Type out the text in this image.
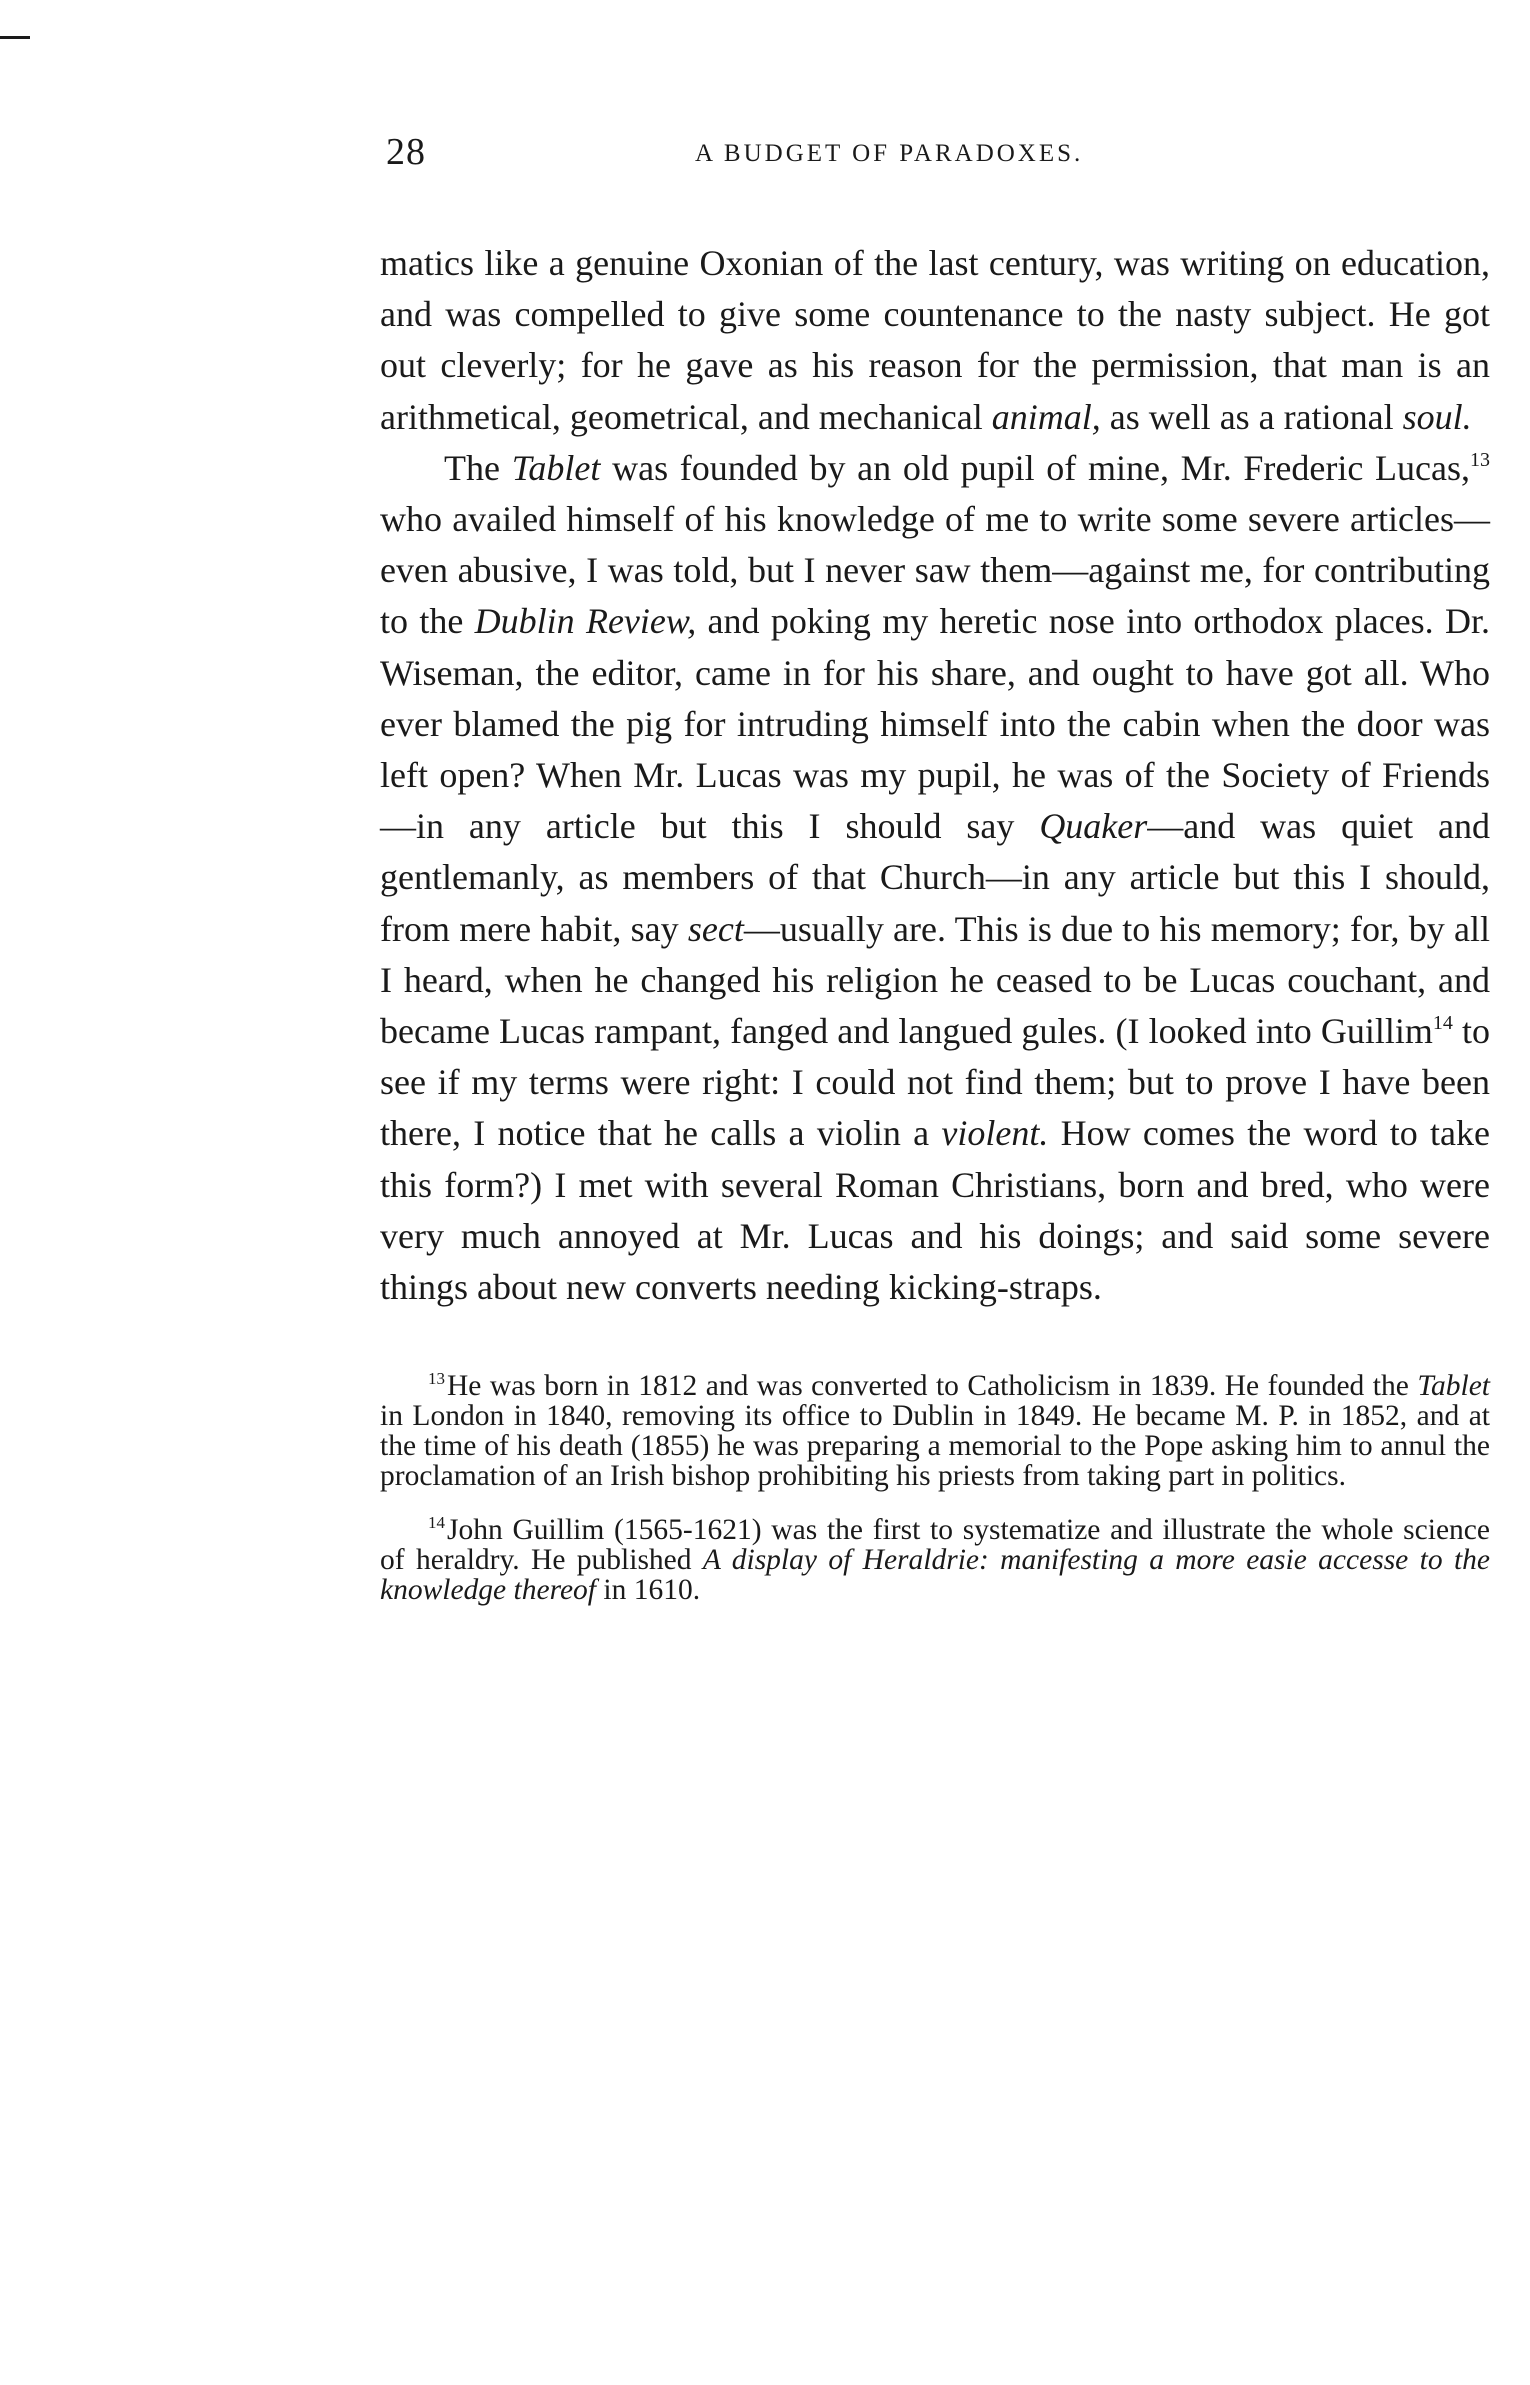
28	A BUDGET OF PARADOXES.

matics like a genuine Oxonian of the last century, was writing on education, and was compelled to give some countenance to the nasty subject. He got out cleverly; for he gave as his reason for the permission, that man is an arithmetical, geometrical, and mechanical animal, as well as a rational soul.

The Tablet was founded by an old pupil of mine, Mr. Frederic Lucas,$^{13}$ who availed himself of his knowledge of me to write some severe articles—even abusive, I was told, but I never saw them—against me, for contributing to the Dublin Review, and poking my heretic nose into orthodox places. Dr. Wiseman, the editor, came in for his share, and ought to have got all. Who ever blamed the pig for intruding himself into the cabin when the door was left open? When Mr. Lucas was my pupil, he was of the Society of Friends—in any article but this I should say Quaker—and was quiet and gentlemanly, as members of that Church—in any article but this I should, from mere habit, say sect—usually are. This is due to his memory; for, by all I heard, when he changed his religion he ceased to be Lucas couchant, and became Lucas rampant, fanged and langued gules. (I looked into Guillim$^{14}$ to see if my terms were right: I could not find them; but to prove I have been there, I notice that he calls a violin a violent. How comes the word to take this form?) I met with several Roman Christians, born and bred, who were very much annoyed at Mr. Lucas and his doings; and said some severe things about new converts needing kicking-straps.

$^{13}$He was born in 1812 and was converted to Catholicism in 1839. He founded the Tablet in London in 1840, removing its office to Dublin in 1849. He became M. P. in 1852, and at the time of his death (1855) he was preparing a memorial to the Pope asking him to annul the proclamation of an Irish bishop prohibiting his priests from taking part in politics.

$^{14}$John Guillim (1565-1621) was the first to systematize and illustrate the whole science of heraldry. He published A display of Heraldrie: manifesting a more easie accesse to the knowledge thereof in 1610.
